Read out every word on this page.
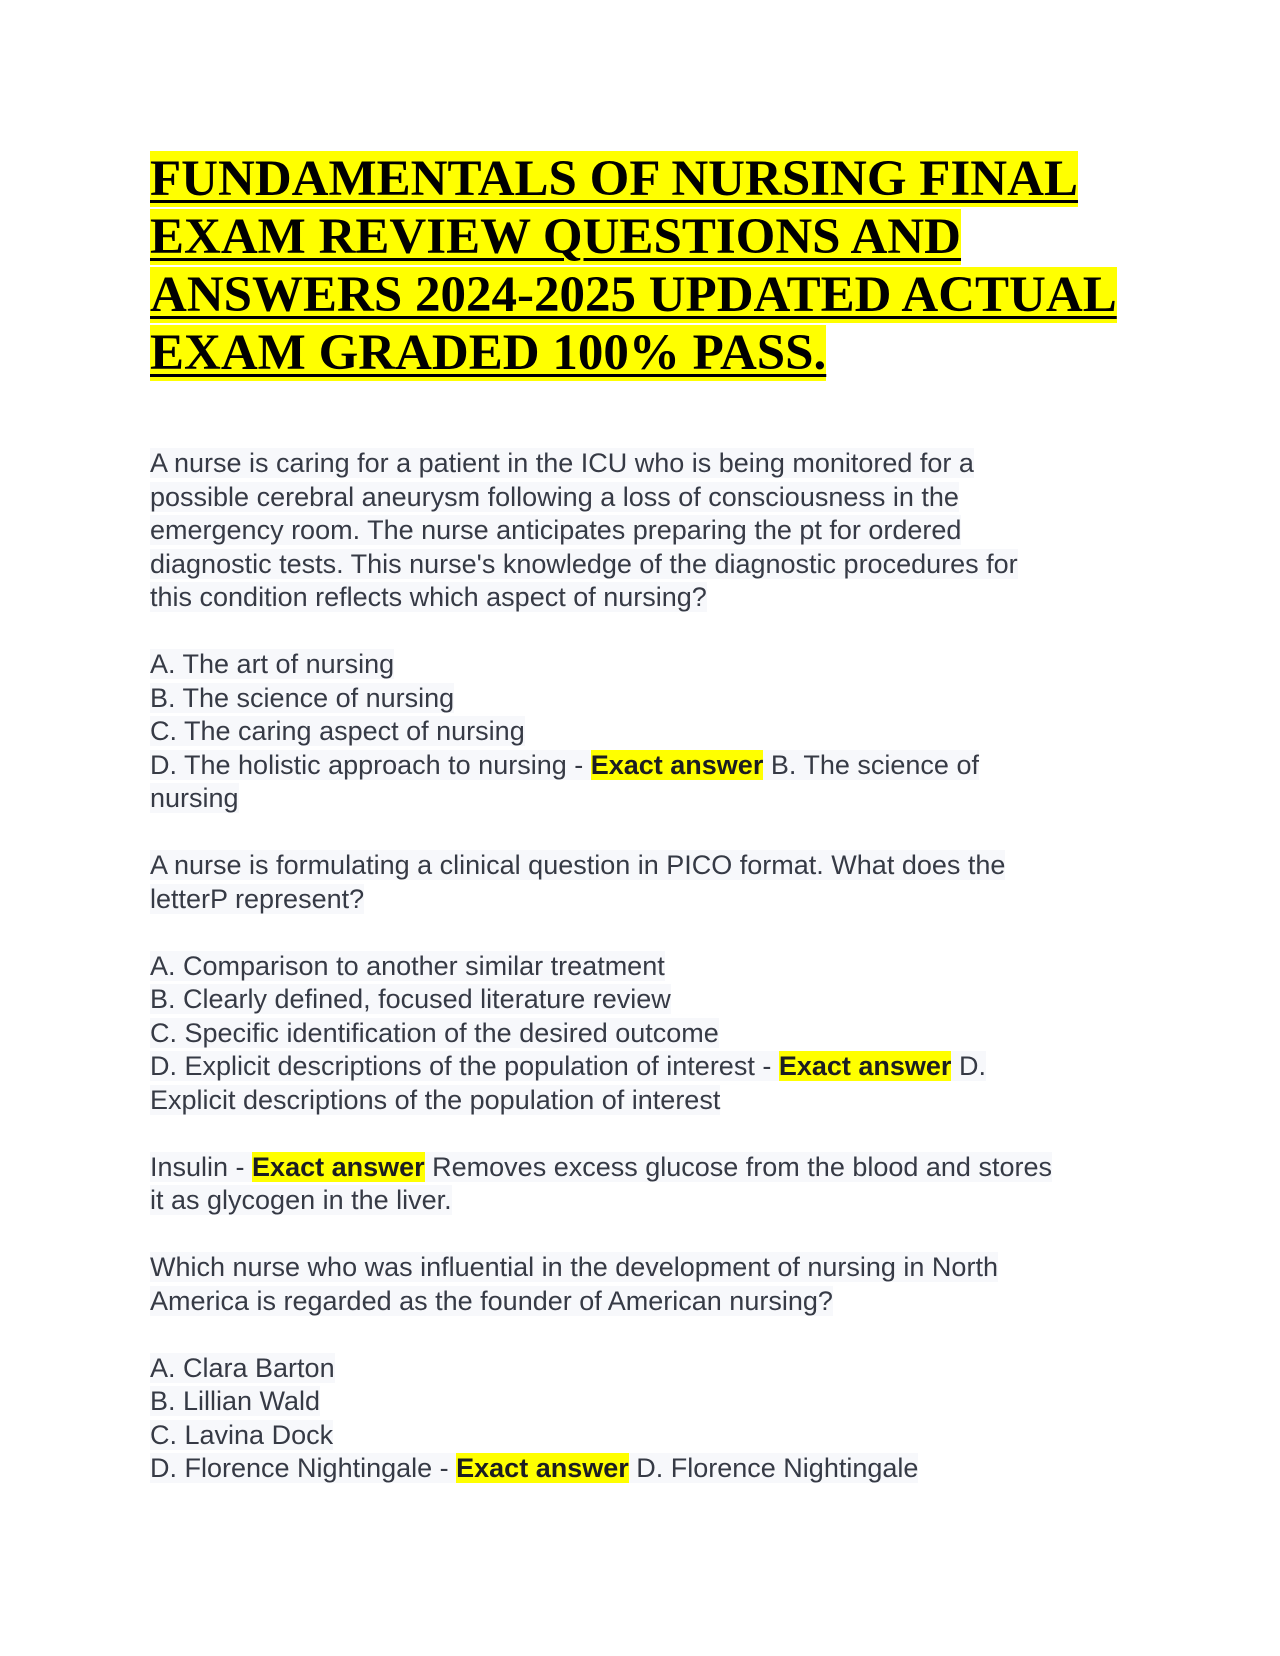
FUNDAMENTALS OF NURSING FINAL
EXAM REVIEW QUESTIONS AND
ANSWERS 2024-2025 UPDATED ACTUAL
EXAM GRADED 100% PASS.
A nurse is caring for a patient in the ICU who is being monitored for a
possible cerebral aneurysm following a loss of consciousness in the
emergency room. The nurse anticipates preparing the pt for ordered
diagnostic tests. This nurse's knowledge of the diagnostic procedures for
this condition reflects which aspect of nursing?
A. The art of nursing
B. The science of nursing
C. The caring aspect of nursing
D. The holistic approach to nursing - Exact answer B. The science of
nursing
A nurse is formulating a clinical question in PICO format. What does the
letterP represent?
A. Comparison to another similar treatment
B. Clearly defined, focused literature review
C. Specific identification of the desired outcome
D. Explicit descriptions of the population of interest - Exact answer D.
Explicit descriptions of the population of interest
Insulin - Exact answer Removes excess glucose from the blood and stores
it as glycogen in the liver.
Which nurse who was influential in the development of nursing in North
America is regarded as the founder of American nursing?
A. Clara Barton
B. Lillian Wald
C. Lavina Dock
D. Florence Nightingale - Exact answer D. Florence Nightingale
